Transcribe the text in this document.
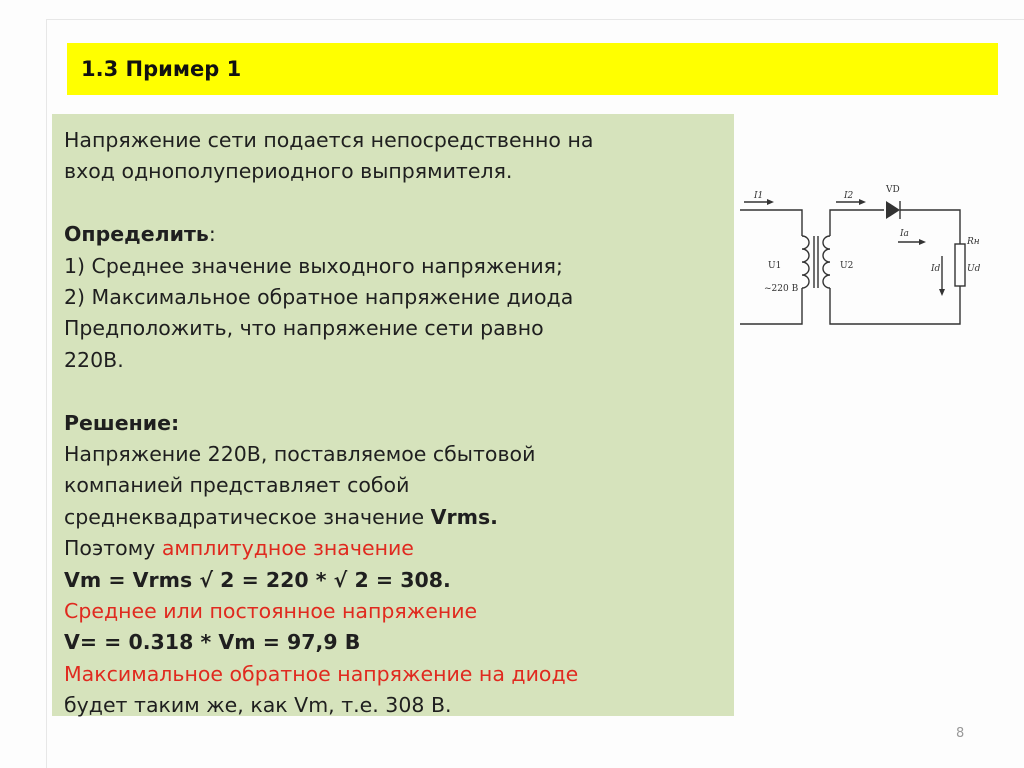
1.3 Пример 1

Напряжение сети подается непосредственно на

вход однополупериодного выпрямителя.

Определить:

1) Среднее значение выходного напряжения;

2) Максимальное обратное напряжение диода

Предположить, что напряжение сети равно

220В.

Решение:

Напряжение 220В, поставляемое сбытовой

компанией представляет собой

среднеквадратическое значение Vrms.

Поэтому амплитудное значение

Vm = Vrms √ 2 = 220 * √ 2 = 308.

Среднее или постоянное напряжение

V= = 0.318 * Vm = 97,9 В

Максимальное обратное напряжение на диоде

будет таким же, как Vm, т.е. 308 В.

I1	I2
VD
Iа
Rн
U1
~220 В
U2	Id	Ud
8
